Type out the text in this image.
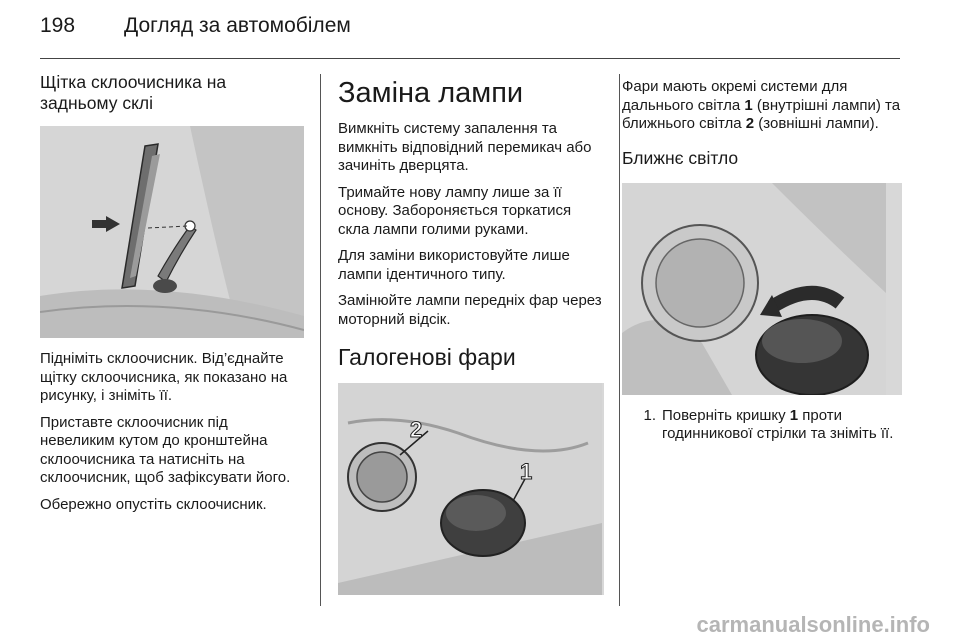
198 Догляд за автомобілем
Щітка склоочисника на задньому склі

Підніміть склоочисник. Від’єднайте щітку склоочисника, як показано на рисунку, і зніміть її.

Приставте склоочисник під невеликим кутом до кронштейна склоочисника та натисніть на склоочисник, щоб зафіксувати його.

Обережно опустіть склоочисник.

Заміна лампи

Вимкніть систему запалення та вимкніть відповідний перемикач або зачиніть дверцята.

Тримайте нову лампу лише за її основу. Забороняється торкатися скла лампи голими руками.

Для заміни використовуйте лише лампи ідентичного типу.

Замінюйте лампи передніх фар через моторний відсік.

Галогенові фари
2
1

Фари мають окремі системи для дальнього світла 1 (внутрішні лампи) та ближнього світла 2 (зовнішні лампи).

Ближнє світло
1. Поверніть кришку 1 проти годинникової стрілки та зніміть її.
carmanualsonline.info
